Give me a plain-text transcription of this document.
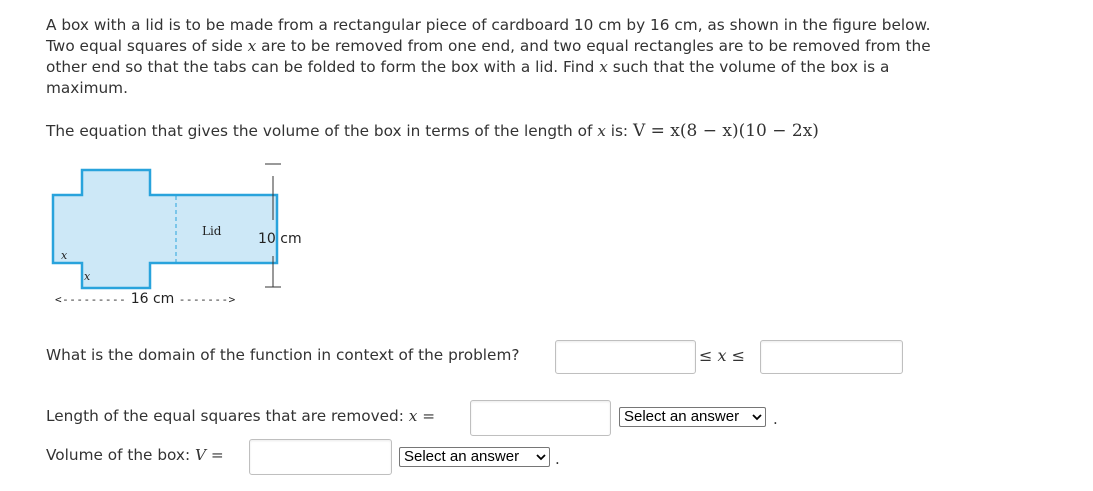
A box with a lid is to be made from a rectangular piece of cardboard 10 cm by 16 cm, as shown in the figure below. Two equal squares of side x are to be removed from one end, and two equal rectangles are to be removed from the other end so that the tabs can be folded to form the box with a lid. Find x such that the volume of the box is a maximum.

The equation that gives the volume of the box in terms of the length of x is: V = x(8 − x)(10 − 2x)
Lid	10 cm
x
x
<--------- 16 cm ------->
What is the domain of the function in context of the problem?	≤ x ≤
Length of the equal squares that are removed: x =	Select an answer	.
Volume of the box: V =	Select an answer	.
